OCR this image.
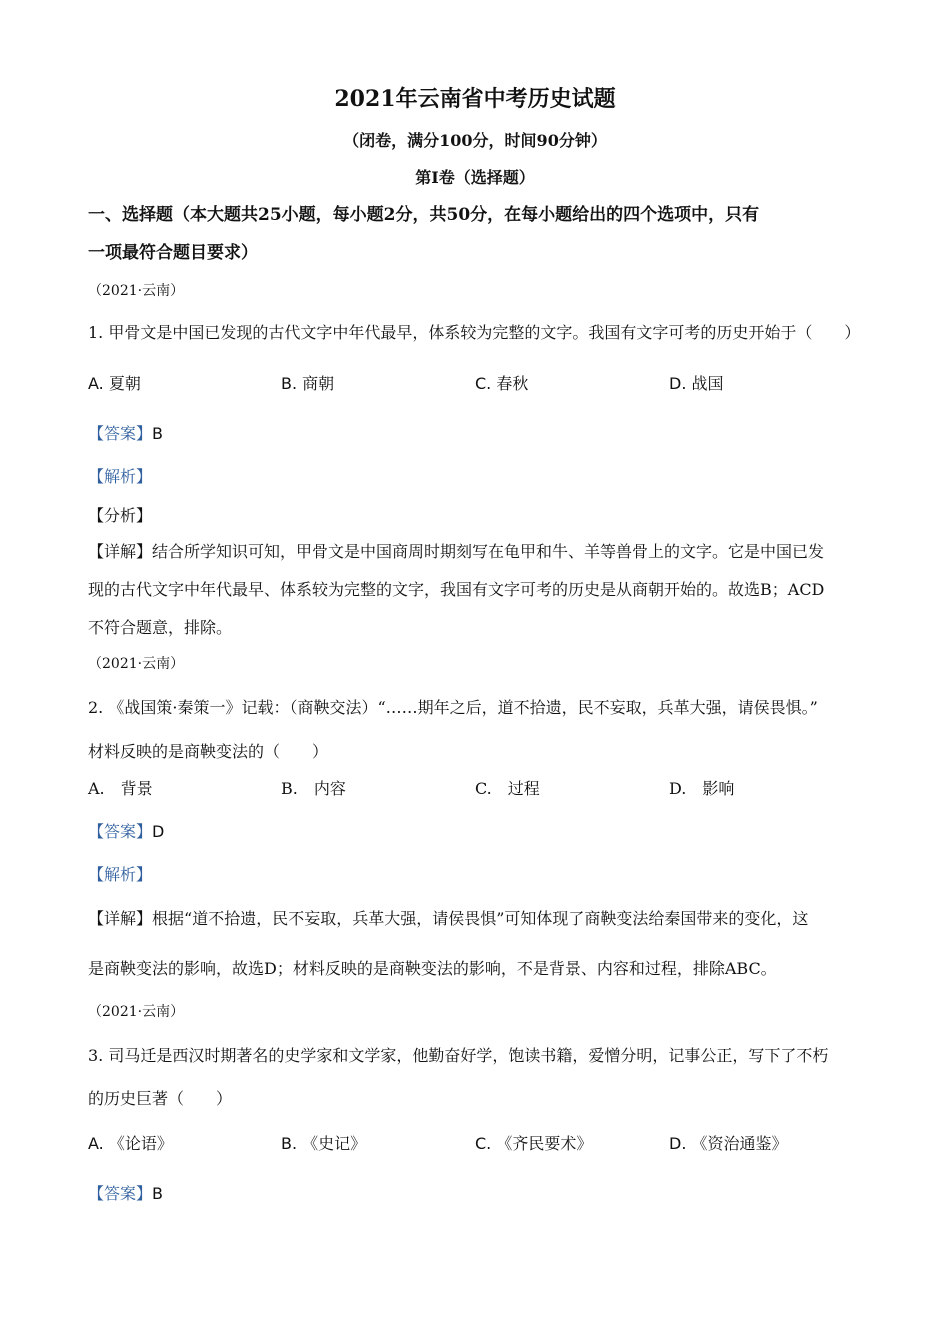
2021年云南省中考历史试题
（闭卷，满分100分，时间90分钟）
第Ⅰ卷（选择题）
一、选择题（本大题共25小题，每小题2分，共50分，在每小题给出的四个选项中，只有
一项最符合题目要求）
（2021·云南）
1. 甲骨文是中国已发现的古代文字中年代最早，体系较为完整的文字。我国有文字可考的历史开始于（　　）
A. 夏朝	B. 商朝	C. 春秋	D. 战国
【答案】B
【解析】
【分析】
【详解】结合所学知识可知，甲骨文是中国商周时期刻写在龟甲和牛、羊等兽骨上的文字。它是中国已发
现的古代文字中年代最早、体系较为完整的文字，我国有文字可考的历史是从商朝开始的。故选B；ACD
不符合题意，排除。
（2021·云南）
2. 《战国策·秦策一》记载：（商鞅交法）“……期年之后，道不拾遗，民不妄取，兵革大强，请侯畏惧。”
材料反映的是商鞅变法的（　　）
A.　背景	B.　内容	C.　过程	D.　影响
【答案】D
【解析】
【详解】根据“道不拾遗，民不妄取，兵革大强，请侯畏惧”可知体现了商鞅变法给秦国带来的变化，这
是商鞅变法的影响，故选D；材料反映的是商鞅变法的影响，不是背景、内容和过程，排除ABC。
（2021·云南）
3. 司马迁是西汉时期著名的史学家和文学家，他勤奋好学，饱读书籍，爱憎分明，记事公正，写下了不朽
的历史巨著（　　）
A. 《论语》	B. 《史记》	C. 《齐民要术》	D. 《资治通鉴》
【答案】B
